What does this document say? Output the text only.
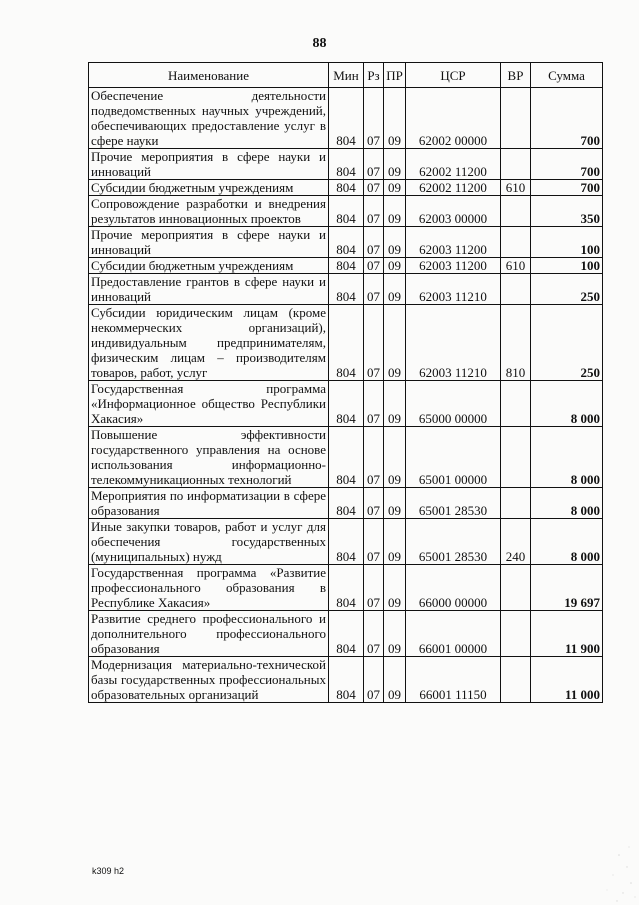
88
Наименование	Мин	Рз	ПР	ЦСР	ВР	Сумма
Обеспечение деятельности подведомственных научных учреждений, обеспечивающих предоставление услуг в сфере науки	804	07	09	62002 00000		700
Прочие мероприятия в сфере науки и инноваций	804	07	09	62002 11200		700
Субсидии бюджетным учреждениям	804	07	09	62002 11200	610	700
Сопровождение разработки и внедрения результатов инновационных проектов	804	07	09	62003 00000		350
Прочие мероприятия в сфере науки и инноваций	804	07	09	62003 11200		100
Субсидии бюджетным учреждениям	804	07	09	62003 11200	610	100
Предоставление грантов в сфере науки и инноваций	804	07	09	62003 11210		250
Субсидии юридическим лицам (кроме некоммерческих организаций), индивидуальным предпринимателям, физическим лицам – производителям товаров, работ, услуг	804	07	09	62003 11210	810	250
Государственная программа «Информационное общество Республики Хакасия»	804	07	09	65000 00000		8 000
Повышение эффективности государственного управления на основе использования информационно-телекоммуникационных технологий	804	07	09	65001 00000		8 000
Мероприятия по информатизации в сфере образования	804	07	09	65001 28530		8 000
Иные закупки товаров, работ и услуг для обеспечения государственных (муниципальных) нужд	804	07	09	65001 28530	240	8 000
Государственная программа «Развитие профессионального образования в Республике Хакасия»	804	07	09	66000 00000		19 697
Развитие среднего профессионального и дополнительного профессионального образования	804	07	09	66001 00000		11 900
Модернизация материально-технической базы государственных профессиональных образовательных организаций	804	07	09	66001 11150		11 000
k309 h2
